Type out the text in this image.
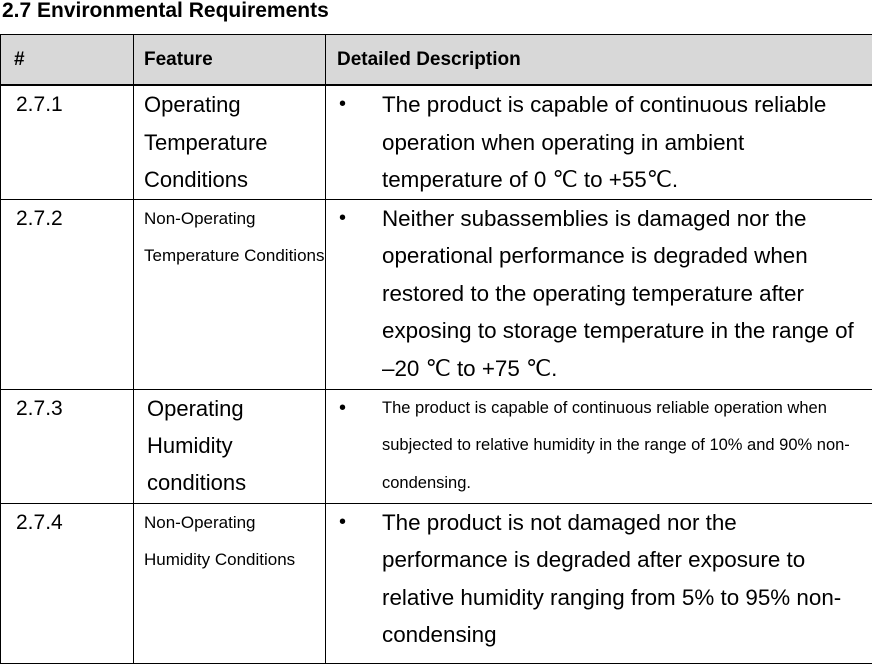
2.7 Environmental Requirements
#	Feature	Detailed Description
2.7.1	Operating Temperature Conditions	• The product is capable of continuous reliable operation when operating in ambient temperature of 0 ℃ to +55℃.

2.7.2	Non-Operating Temperature Conditions	• Neither subassemblies is damaged nor the operational performance is degraded when restored to the operating temperature after exposing to storage temperature in the range of –20 ℃ to +75 ℃.

2.7.3	Operating Humidity conditions	• The product is capable of continuous reliable operation when subjected to relative humidity in the range of 10% and 90% non-condensing.

2.7.4	Non-Operating Humidity Conditions	• The product is not damaged nor the performance is degraded after exposure to relative humidity ranging from 5% to 95% non-condensing
